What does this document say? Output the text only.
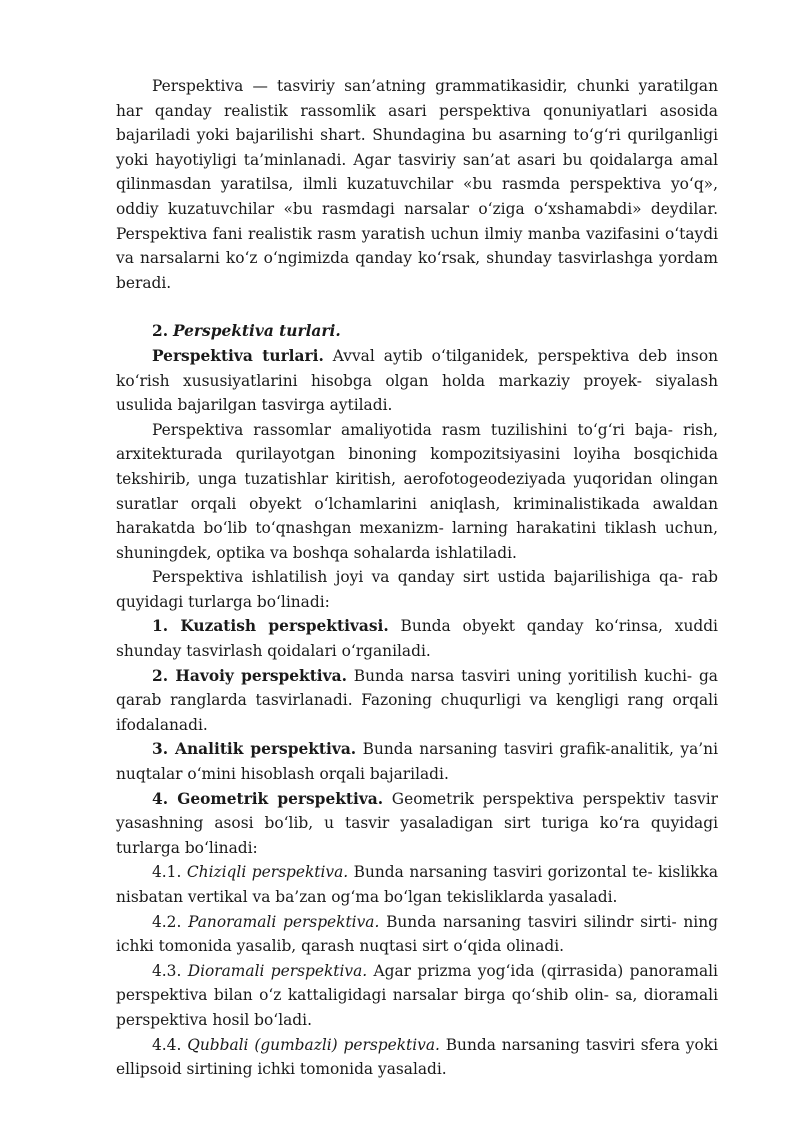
Perspektiva — tasviriy san’atning grammatikasidir, chunki yaratilgan har qanday realistik rassomlik asari perspektiva qonuniyatlari asosida bajariladi yoki bajarilishi shart. Shundagina bu asarning to‘g‘ri qurilganligi yoki hayotiyligi ta’minlanadi. Agar tasviriy san’at asari bu qoidalarga amal qilinmasdan yaratilsa, ilmli kuzatuvchilar «bu rasmda perspektiva yo‘q», oddiy kuzatuvchilar «bu rasmdagi narsalar o‘ziga o‘xshamabdi» deydilar. Perspektiva fani realistik rasm yaratish uchun ilmiy manba vazifasini o‘taydi va narsalarni ko‘z o‘ngimizda qanday ko‘rsak, shunday tasvirlashga yordam beradi.

2. Perspektiva turlari.

Perspektiva turlari. Avval aytib o‘tilganidek, perspektiva deb inson ko‘rish xususiyatlarini hisobga olgan holda markaziy proyek- siyalash usulida bajarilgan tasvirga aytiladi.

Perspektiva rassomlar amaliyotida rasm tuzilishini to‘g‘ri baja- rish, arxitekturada qurilayotgan binoning kompozitsiyasini loyiha bosqichida tekshirib, unga tuzatishlar kiritish, aerofotogeodeziyada yuqoridan olingan suratlar orqali obyekt o‘lchamlarini aniqlash, kriminalistikada awaldan harakatda bo‘lib to‘qnashgan mexanizm- larning harakatini tiklash uchun, shuningdek, optika va boshqa sohalarda ishlatiladi.

Perspektiva ishlatilish joyi va qanday sirt ustida bajarilishiga qa- rab quyidagi turlarga bo‘linadi:

1. Kuzatish perspektivasi. Bunda obyekt qanday ko‘rinsa, xuddi shunday tasvirlash qoidalari o‘rganiladi.

2. Havoiy perspektiva. Bunda narsa tasviri uning yoritilish kuchi- ga qarab ranglarda tasvirlanadi. Fazoning chuqurligi va kengligi rang orqali ifodalanadi.

3. Analitik perspektiva. Bunda narsaning tasviri grafik-analitik, ya’ni nuqtalar o‘mini hisoblash orqali bajariladi.

4. Geometrik perspektiva. Geometrik perspektiva perspektiv tasvir yasashning asosi bo‘lib, u tasvir yasaladigan sirt turiga ko‘ra quyidagi turlarga bo‘linadi:

4.1. Chiziqli perspektiva. Bunda narsaning tasviri gorizontal te- kislikka nisbatan vertikal va ba’zan og‘ma bo‘lgan tekisliklarda yasaladi.

4.2. Panoramali perspektiva. Bunda narsaning tasviri silindr sirti- ning ichki tomonida yasalib, qarash nuqtasi sirt o‘qida olinadi.

4.3. Dioramali perspektiva. Agar prizma yog‘ida (qirrasida) panoramali perspektiva bilan o‘z kattaligidagi narsalar birga qo‘shib olin- sa, dioramali perspektiva hosil bo‘ladi.

4.4. Qubbali (gumbazli) perspektiva. Bunda narsaning tasviri sfera yoki ellipsoid sirtining ichki tomonida yasaladi.
